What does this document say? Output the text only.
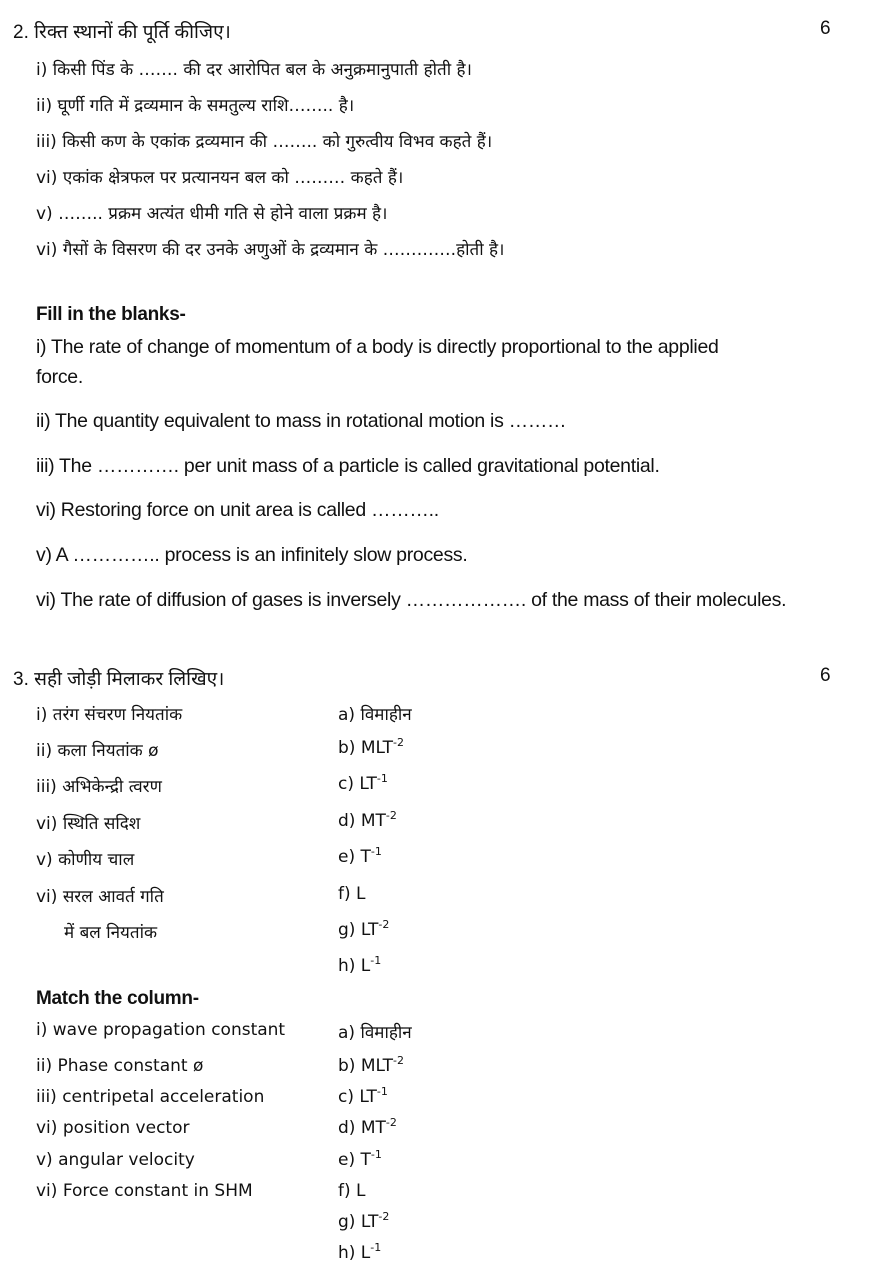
2. रिक्त स्थानों की पूर्ति कीजिए।	6
i) किसी पिंड के ……. की दर आरोपित बल के अनुक्रमानुपाती होती है।
ii) घूर्णी गति में द्रव्यमान के समतुल्य राशि…….. है।
iii) किसी कण के एकांक द्रव्यमान की …….. को गुरुत्वीय विभव कहते हैं।
vi) एकांक क्षेत्रफल पर प्रत्यानयन बल को ……… कहते हैं।
v) …….. प्रक्रम अत्यंत धीमी गति से होने वाला प्रक्रम है।
vi) गैसों के विसरण की दर उनके अणुओं के द्रव्यमान के ………….होती है।
Fill in the blanks-
i) The rate of change of momentum of a body is directly proportional to the applied
force.
ii) The quantity equivalent to mass in rotational motion is ………
iii) The …………. per unit mass of a particle is called gravitational potential.
vi) Restoring force on unit area is called ………..
v) A ………….. process is an infinitely slow process.
vi) The rate of diffusion of gases is inversely ………………. of the mass of their molecules.
3. सही जोड़ी मिलाकर लिखिए।	6
i) तरंग संचरण नियतांक
ii) कला नियतांक ø
iii) अभिकेन्द्री त्वरण
vi) स्थिति सदिश
v) कोणीय चाल
vi) सरल आवर्त गति
में बल नियतांक
a) विमाहीन
b) $MLT^{-2}$
c) $LT^{-1}$
d) $MT^{-2}$
e) $T^{-1}$
f) L
g) $LT^{-2}$
h) $L^{-1}$
Match the column-
i) wave propagation constant
ii) Phase constant ø
iii) centripetal acceleration
vi) position vector
v) angular velocity
vi) Force constant in SHM
a) विमाहीन
b) $MLT^{-2}$
c) $LT^{-1}$
d) $MT^{-2}$
e) $T^{-1}$
f) L
g) $LT^{-2}$
h) $L^{-1}$
